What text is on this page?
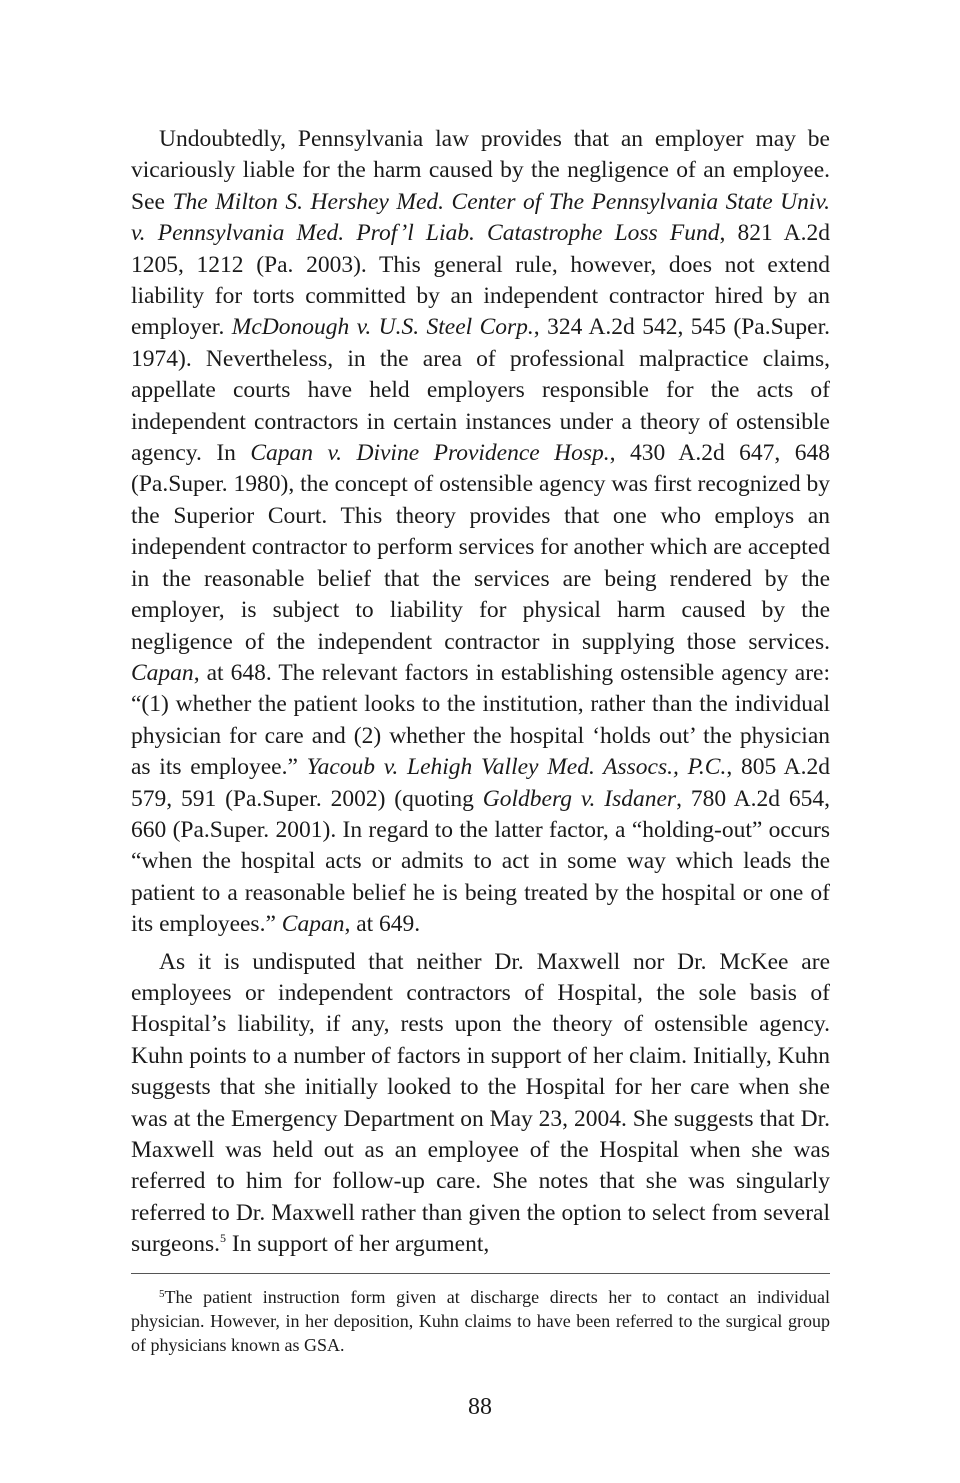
Undoubtedly, Pennsylvania law provides that an employer may be vicariously liable for the harm caused by the negligence of an employee. See The Milton S. Hershey Med. Center of The Pennsylvania State Univ. v. Pennsylvania Med. Prof’l Liab. Catastrophe Loss Fund, 821 A.2d 1205, 1212 (Pa. 2003). This general rule, however, does not extend liability for torts committed by an independent contractor hired by an employer. McDonough v. U.S. Steel Corp., 324 A.2d 542, 545 (Pa.Super. 1974). Nevertheless, in the area of professional malpractice claims, appellate courts have held employers responsible for the acts of independent contractors in certain instances under a theory of ostensible agency. In Capan v. Divine Providence Hosp., 430 A.2d 647, 648 (Pa.Super. 1980), the concept of ostensible agency was first recognized by the Superior Court. This theory provides that one who employs an independent contractor to perform services for another which are accepted in the reasonable belief that the services are being rendered by the employer, is subject to liability for physical harm caused by the negligence of the independent contractor in supplying those services. Capan, at 648. The relevant factors in establishing ostensible agency are: “(1) whether the patient looks to the institution, rather than the individual physician for care and (2) whether the hospital ‘holds out’ the physician as its employee.” Yacoub v. Lehigh Valley Med. Assocs., P.C., 805 A.2d 579, 591 (Pa.Super. 2002) (quoting Goldberg v. Isdaner, 780 A.2d 654, 660 (Pa.Super. 2001). In regard to the latter factor, a “holding-out” occurs “when the hospital acts or admits to act in some way which leads the patient to a reasonable belief he is being treated by the hospital or one of its employees.” Capan, at 649.

As it is undisputed that neither Dr. Maxwell nor Dr. McKee are employees or independent contractors of Hospital, the sole basis of Hospital’s liability, if any, rests upon the theory of ostensible agency. Kuhn points to a number of factors in support of her claim. Initially, Kuhn suggests that she initially looked to the Hospital for her care when she was at the Emergency Department on May 23, 2004. She suggests that Dr. Maxwell was held out as an employee of the Hospital when she was referred to him for follow-up care. She notes that she was singularly referred to Dr. Maxwell rather than given the option to select from several surgeons.$^5$ In support of her argument,

$^5$The patient instruction form given at discharge directs her to contact an individual physician. However, in her deposition, Kuhn claims to have been referred to the surgical group of physicians known as GSA.

88
